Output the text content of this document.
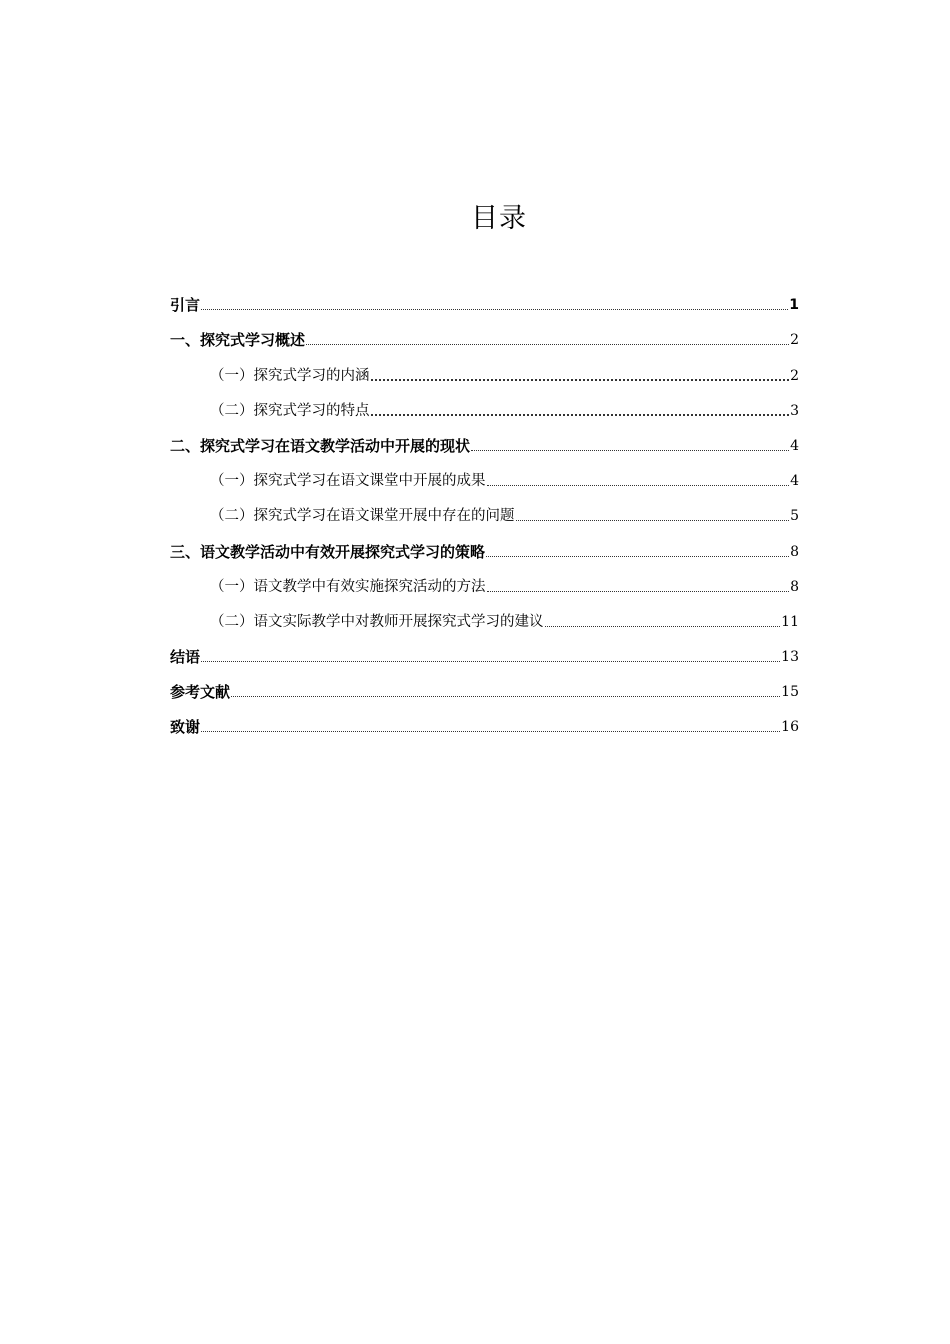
目录
引言	1
一、探究式学习概述	2
（一）探究式学习的内涵	2
（二）探究式学习的特点	3
二、探究式学习在语文教学活动中开展的现状	4
（一）探究式学习在语文课堂中开展的成果	4
（二）探究式学习在语文课堂开展中存在的问题	5
三、语文教学活动中有效开展探究式学习的策略	8
（一）语文教学中有效实施探究活动的方法	8
（二）语文实际教学中对教师开展探究式学习的建议	11
结语	13
参考文献	15
致谢	16
